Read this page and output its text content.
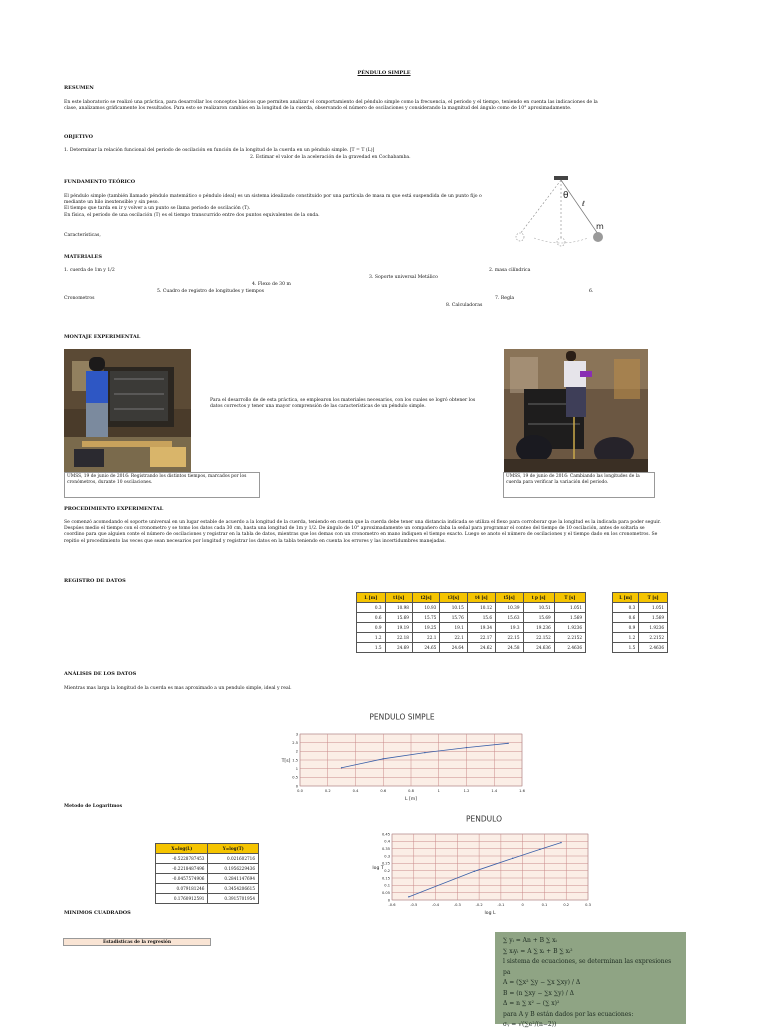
PÉNDULO SIMPLE
RESUMEN
En este laboratorio se realizó una práctica, para desarrollar los conceptos básicos que permiten analizar el comportamiento del péndulo simple como la frecuencia, el periodo y el tiempo, teniendo en cuenta las indicaciones de la clase, analizamos gráficamente los resultados. Para esto se realizaron cambios en la longitud de la cuerda, observando el número de oscilaciones y considerando la magnitud del ángulo como de 10° aproximadamente.
OBJETIVO
1. Determinar la relación funcional del periodo de oscilación en función de la longitud de la cuerda en un péndulo simple. [T = T (L)]
2. Estimar el valor de la aceleración de la gravedad en Cochabamba.
FUNDAMENTO TEÓRICO
El péndulo simple (también llamado péndulo matemático o péndulo ideal) es un sistema idealizado constituido por una partícula de masa m que está suspendida de un punto fijo o mediante un hilo inextensible y sin peso.
El tiempo que tarda en ir y volver a un punto se llama periodo de oscilación (T).
En física, el periodo de una oscilación (T) es el tiempo transcurrido entre dos puntos equivalentes de la onda.
Características,
θ
ℓ
m
MATERIALES
1. cuerda de 1m y 1/2	2. masa cilíndrica
3. Soporte universal Metálico
4. Flexo de 30 m
5. Cuadro de registro de longitudes y tiempos	6.
Cronometros	7. Regla
8. Calculadoras
MONTAJE EXPERIMENTAL
Para el desarrollo de de esta práctica, se emplearon los materiales necesarios, con los cuales se logró obtener los datos correctos y tener una mayor comprensión de las características de un péndulo simple.
UMSS, 19 de junio de 2016: Registrando los distintos tiempos, marcados por los cronómetros, durante 10 oscilaciones.
UMSS, 19 de junio de 2016: Cambiando las longitudes de la cuerda para verificar la variación del periodo.
PROCEDIMIENTO EXPERIMENTAL
Se comenzó acomodando el soporte universal en un lugar estable de acuerdo a la longitud de la cuerda, teniendo en cuenta que la cuerda debe tener una distancia indicada se utiliza el flexo para corroborar que la longitud es la indicada para poder seguir. Despúes medio el tiempo con el cronometro y se tomo los datos cada 30 cm, hasta una longitud de 1m y 1/2. De ángulo de 10° aproximadamente un compañero daba la señal para programar el conteo del tiempo de 10 oscilación, antes de soltarla se coordino para que alguien conte el número de oscilaciones y registrar en la tabla de datos, mientras que los demas con un cronometro en mano indiquen el tiempo exacto. Luego se anoto el número de oscilaciones y el tiempo dado en los cronometros. Se repitio el procedimiento las veces que sean necesarios por longitud y registrar los datos en la tabla teniendo en cuenta los errores y las incertidumbres manejadas.
REGISTRO DE DATOS
L [m]	t1[s]	t2[s]	t3[s]	t4 [s]	t5[s]	t p [s]	T [s]
0.3	10.98	10.93	10.15	10.12	10.39	10.51	1.051
0.6	15.69	15.75	15.76	15.6	15.63	15.69	1.569
0.9	19.19	19.25	19.1	19.34	19.3	19.236	1.9236
1.2	22.18	22.1	22.1	22.17	22.15	22.152	2.2152
1.5	24.69	24.65	24.64	24.62	24.58	24.636	2.4636
L [m]	T [s]
0.3	1.051
0.6	1.569
0.9	1.9236
1.2	2.2152
1.5	2.4636
ANÁLISIS DE LOS DATOS
Mientras mas larga la longitud de la cuerda es mas aproximado a un pendulo simple, ideal y real.
PENDULO SIMPLE
0
0.5
1
1.5
2
2.5
3
0.0	0.2	0.4	0.6	0.8	1	1.2	1.4	1.6
L [m]
T[s]
Metodo de Logaritmos
X=log(L)	Y=log(T)
-0.5228787453	0.021602716
-0.2218487496	0.1956229436
-0.0457574906	0.2841147694
0.079181246	0.3454206615
0.1760912591	0.3915701954
PENDULO
0
0.05
0.1
0.15
0.2
0.25
0.3
0.35
0.4
0.45
-0.6	-0.5	-0.4	-0.3	-0.2	-0.1	0	0.1	0.2	0.3
log L
log T
MINIMOS CUADRADOS
Estadisticas de la regresión	∑ yᵢ = An + B ∑ xᵢ
∑ xᵢyᵢ = A ∑ xᵢ + B ∑ xᵢ²
l sistema de ecuaciones, se determinan las expresiones pa
A = (∑x² ∑y − ∑x ∑xy) / Δ
B = (n ∑xy − ∑x ∑y) / Δ
Δ = n ∑ x² − (∑ x)²
para A y B están dados por las ecuaciones:
σᵧ = √(∑e²/(n−2))
